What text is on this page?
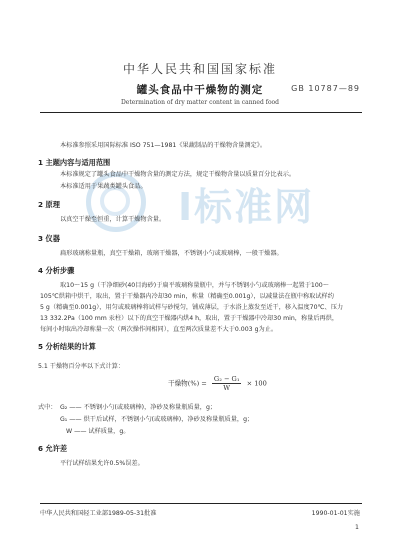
中华人民共和国国家标准
GB 10787—89
罐头食品中干燥物的测定
Determination of dry matter content in canned food
I标准网
本标准参照采用国际标准 ISO 751—1981《果蔬制品的干燥物含量测定》。
1 主题内容与适用范围
本标准规定了罐头食品中干燥物含量的测定方法，规定干燥物含量以质量百分比表示。
本标准适用于果蔬类罐头食品。
2 原理
以真空干燥至恒重，计算干燥物含量。
3 仪器
扁形玻璃称量瓶，真空干燥箱，玻璃干燥器，不锈钢小勺或玻璃棒，一般干燥器。
4 分析步骤
取10～15 g（干净细砂(40目海砂)于扁平玻璃称量瓶中，并与不锈钢小勺或玻璃棒一起置于100～
105℃烘箱中烘干，取出，置于干燥器内冷却30 min，称量（精确至0.001g），以减量法在瓶中称取试样约
5 g（精确至0.001g），用匀或玻璃棒将试样与砂搅匀，铺成薄层，于水浴上蒸发至近干，移入温度70℃、压力
13 332.2Pa（100 mm 汞柱）以下的真空干燥器内烘4 h，取出，置于干燥器中冷却30 min，称量后再烘，
每间小时取出冷却称量一次（两次操作间相同），直至两次质量差不大于0.003 g为止。
5 分析结果的计算
5.1 干燥物百分率以下式计算：
干燥物(%) = $\frac{\text{G₂ − G₁}}{W} \times 100$
式中： G₂ —— 不锈钢小勺(或玻璃棒)，净砂及称量瓶质量，g；
G₁ —— 烘干后试样，不锈钢小勺(或玻璃棒)，净砂及称量瓶质量，g；
W —— 试样质量，g。
6 允许差
平行试样结果允许0.5%误差。
中华人民共和国轻工业部1989-05-31批准	1990-01-01实施
1
